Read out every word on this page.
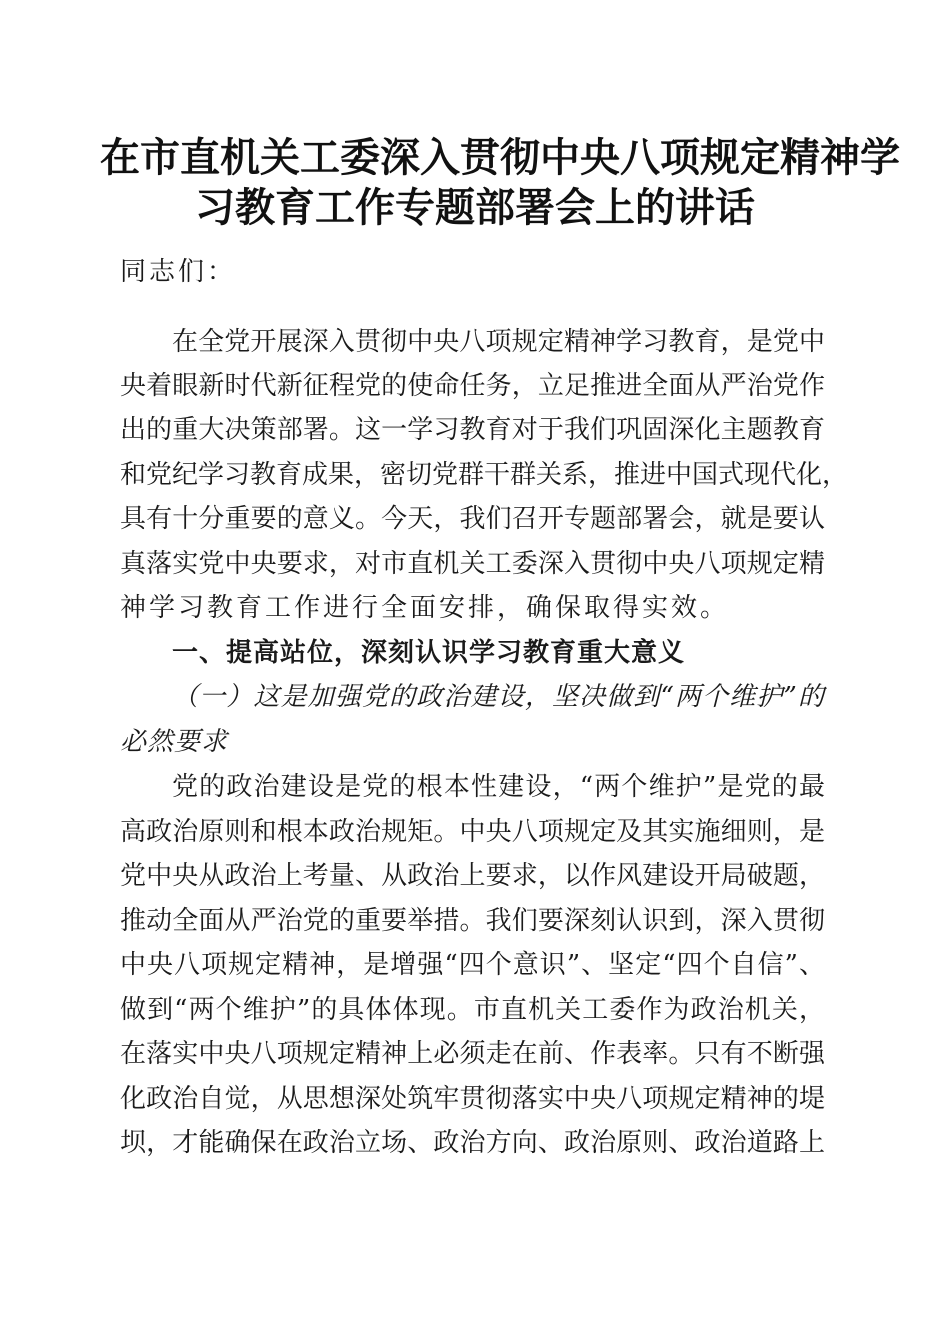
在市直机关工委深入贯彻中央八项规定精神学
习教育工作专题部署会上的讲话
同志们：
在全党开展深入贯彻中央八项规定精神学习教育，是党中
央着眼新时代新征程党的使命任务，立足推进全面从严治党作
出的重大决策部署。这一学习教育对于我们巩固深化主题教育
和党纪学习教育成果，密切党群干群关系，推进中国式现代化，
具有十分重要的意义。今天，我们召开专题部署会，就是要认
真落实党中央要求，对市直机关工委深入贯彻中央八项规定精
神学习教育工作进行全面安排，确保取得实效。
一、提高站位，深刻认识学习教育重大意义
（一）这是加强党的政治建设，坚决做到“两个维护”的
必然要求
党的政治建设是党的根本性建设，“两个维护”是党的最
高政治原则和根本政治规矩。中央八项规定及其实施细则，是
党中央从政治上考量、从政治上要求，以作风建设开局破题，
推动全面从严治党的重要举措。我们要深刻认识到，深入贯彻
中央八项规定精神，是增强“四个意识”、坚定“四个自信”、
做到“两个维护”的具体体现。市直机关工委作为政治机关，
在落实中央八项规定精神上必须走在前、作表率。只有不断强
化政治自觉，从思想深处筑牢贯彻落实中央八项规定精神的堤
坝，才能确保在政治立场、政治方向、政治原则、政治道路上
